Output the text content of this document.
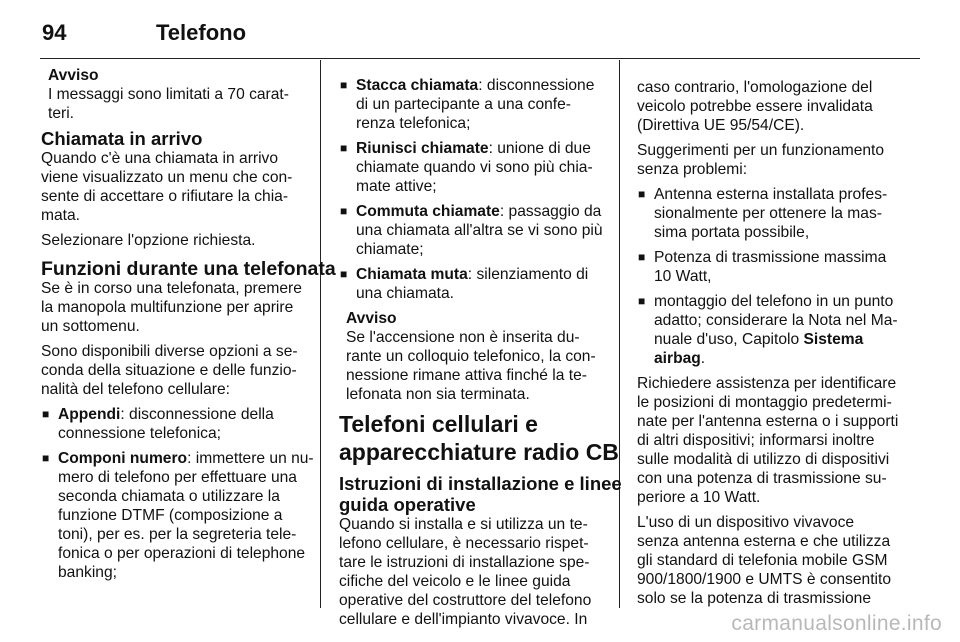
94	Telefono
Avviso
I messaggi sono limitati a 70 carat-
teri.
Chiamata in arrivo

Quando c'è una chiamata in arrivo
viene visualizzato un menu che con-
sente di accettare o rifiutare la chia-
mata.

Selezionare l'opzione richiesta.

Funzioni durante una telefonata

Se è in corso una telefonata, premere
la manopola multifunzione per aprire
un sottomenu.

Sono disponibili diverse opzioni a se-
conda della situazione e delle funzio-
nalità del telefono cellulare:

■ Appendi: disconnessione della
connessione telefonica;
■ Componi numero: immettere un nu-
mero di telefono per effettuare una
seconda chiamata o utilizzare la
funzione DTMF (composizione a
toni), per es. per la segreteria tele-
fonica o per operazioni di telephone
banking;
■ Stacca chiamata: disconnessione
di un partecipante a una confe-
renza telefonica;
■ Riunisci chiamate: unione di due
chiamate quando vi sono più chia-
mate attive;
■ Commuta chiamate: passaggio da
una chiamata all'altra se vi sono più
chiamate;
■ Chiamata muta: silenziamento di
una chiamata.
Avviso
Se l'accensione non è inserita du-
rante un colloquio telefonico, la con-
nessione rimane attiva finché la te-
lefonata non sia terminata.
Telefoni cellulari e
apparecchiature radio CB
Istruzioni di installazione e linee
guida operative

Quando si installa e si utilizza un te-
lefono cellulare, è necessario rispet-
tare le istruzioni di installazione spe-
cifiche del veicolo e le linee guida
operative del costruttore del telefono
cellulare e dell'impianto vivavoce. In

caso contrario, l'omologazione del
veicolo potrebbe essere invalidata
(Direttiva UE 95/54/CE).

Suggerimenti per un funzionamento
senza problemi:

■ Antenna esterna installata profes-
sionalmente per ottenere la mas-
sima portata possibile,
■ Potenza di trasmissione massima
10 Watt,
■ montaggio del telefono in un punto
adatto; considerare la Nota nel Ma-
nuale d'uso, Capitolo Sistema
airbag.

Richiedere assistenza per identificare
le posizioni di montaggio predetermi-
nate per l'antenna esterna o i supporti
di altri dispositivi; informarsi inoltre
sulle modalità di utilizzo di dispositivi
con una potenza di trasmissione su-
periore a 10 Watt.

L'uso di un dispositivo vivavoce
senza antenna esterna e che utilizza
gli standard di telefonia mobile GSM
900/1800/1900 e UMTS è consentito
solo se la potenza di trasmissione

carmanualsonline.info
